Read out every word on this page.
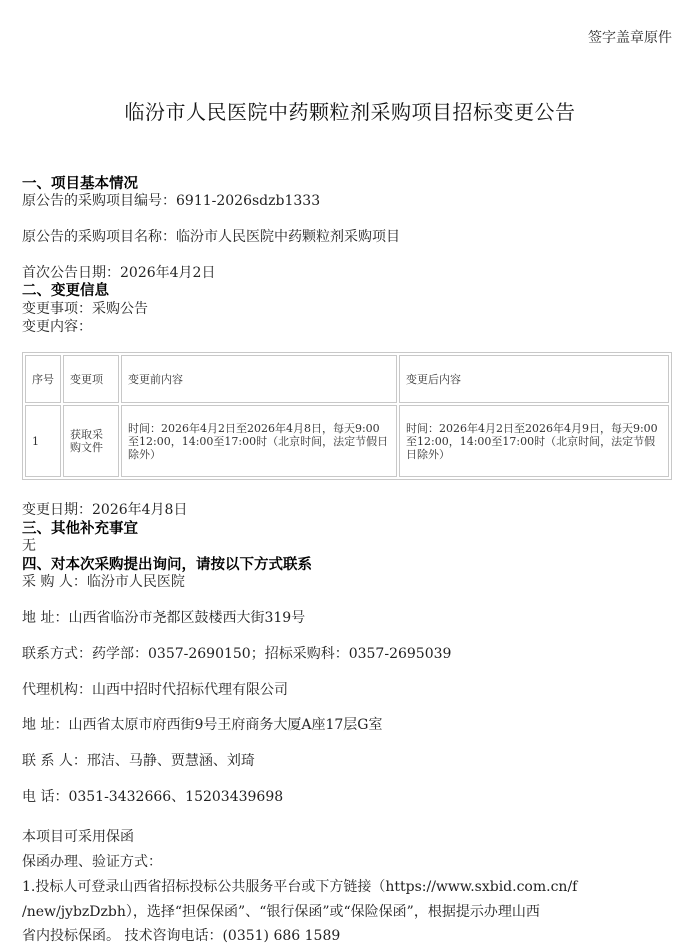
签字盖章原件
临汾市人民医院中药颗粒剂采购项目招标变更公告
一、项目基本情况
原公告的采购项目编号：6911-2026sdzb1333
原公告的采购项目名称：临汾市人民医院中药颗粒剂采购项目
首次公告日期：2026年4月2日
二、变更信息
变更事项：采购公告
变更内容：
序号	变更项	变更前内容	变更后内容
1	获取采购文件	时间：2026年4月2日至2026年4月8日，每天9:00至12:00，14:00至17:00时（北京时间，法定节假日除外）	时间：2026年4月2日至2026年4月9日，每天9:00至12:00，14:00至17:00时（北京时间，法定节假日除外）
变更日期：2026年4月8日
三、其他补充事宜
无
四、对本次采购提出询问，请按以下方式联系
采 购 人：临汾市人民医院
地 址：山西省临汾市尧都区鼓楼西大街319号
联系方式：药学部：0357-2690150；招标采购科：0357-2695039
代理机构：山西中招时代招标代理有限公司
地 址：山西省太原市府西街9号王府商务大厦A座17层G室
联 系 人：邢洁、马静、贾慧涵、刘琦
电 话：0351-3432666、15203439698
本项目可采用保函
保函办理、验证方式：
1.投标人可登录山西省招标投标公共服务平台或下方链接（https://www.sxbid.com.cn/f
/new/jybzDzbh），选择“担保保函”、“银行保函”或“保险保函”，根据提示办理山西
省内投标保函。 技术咨询电话：(0351) 686 1589
